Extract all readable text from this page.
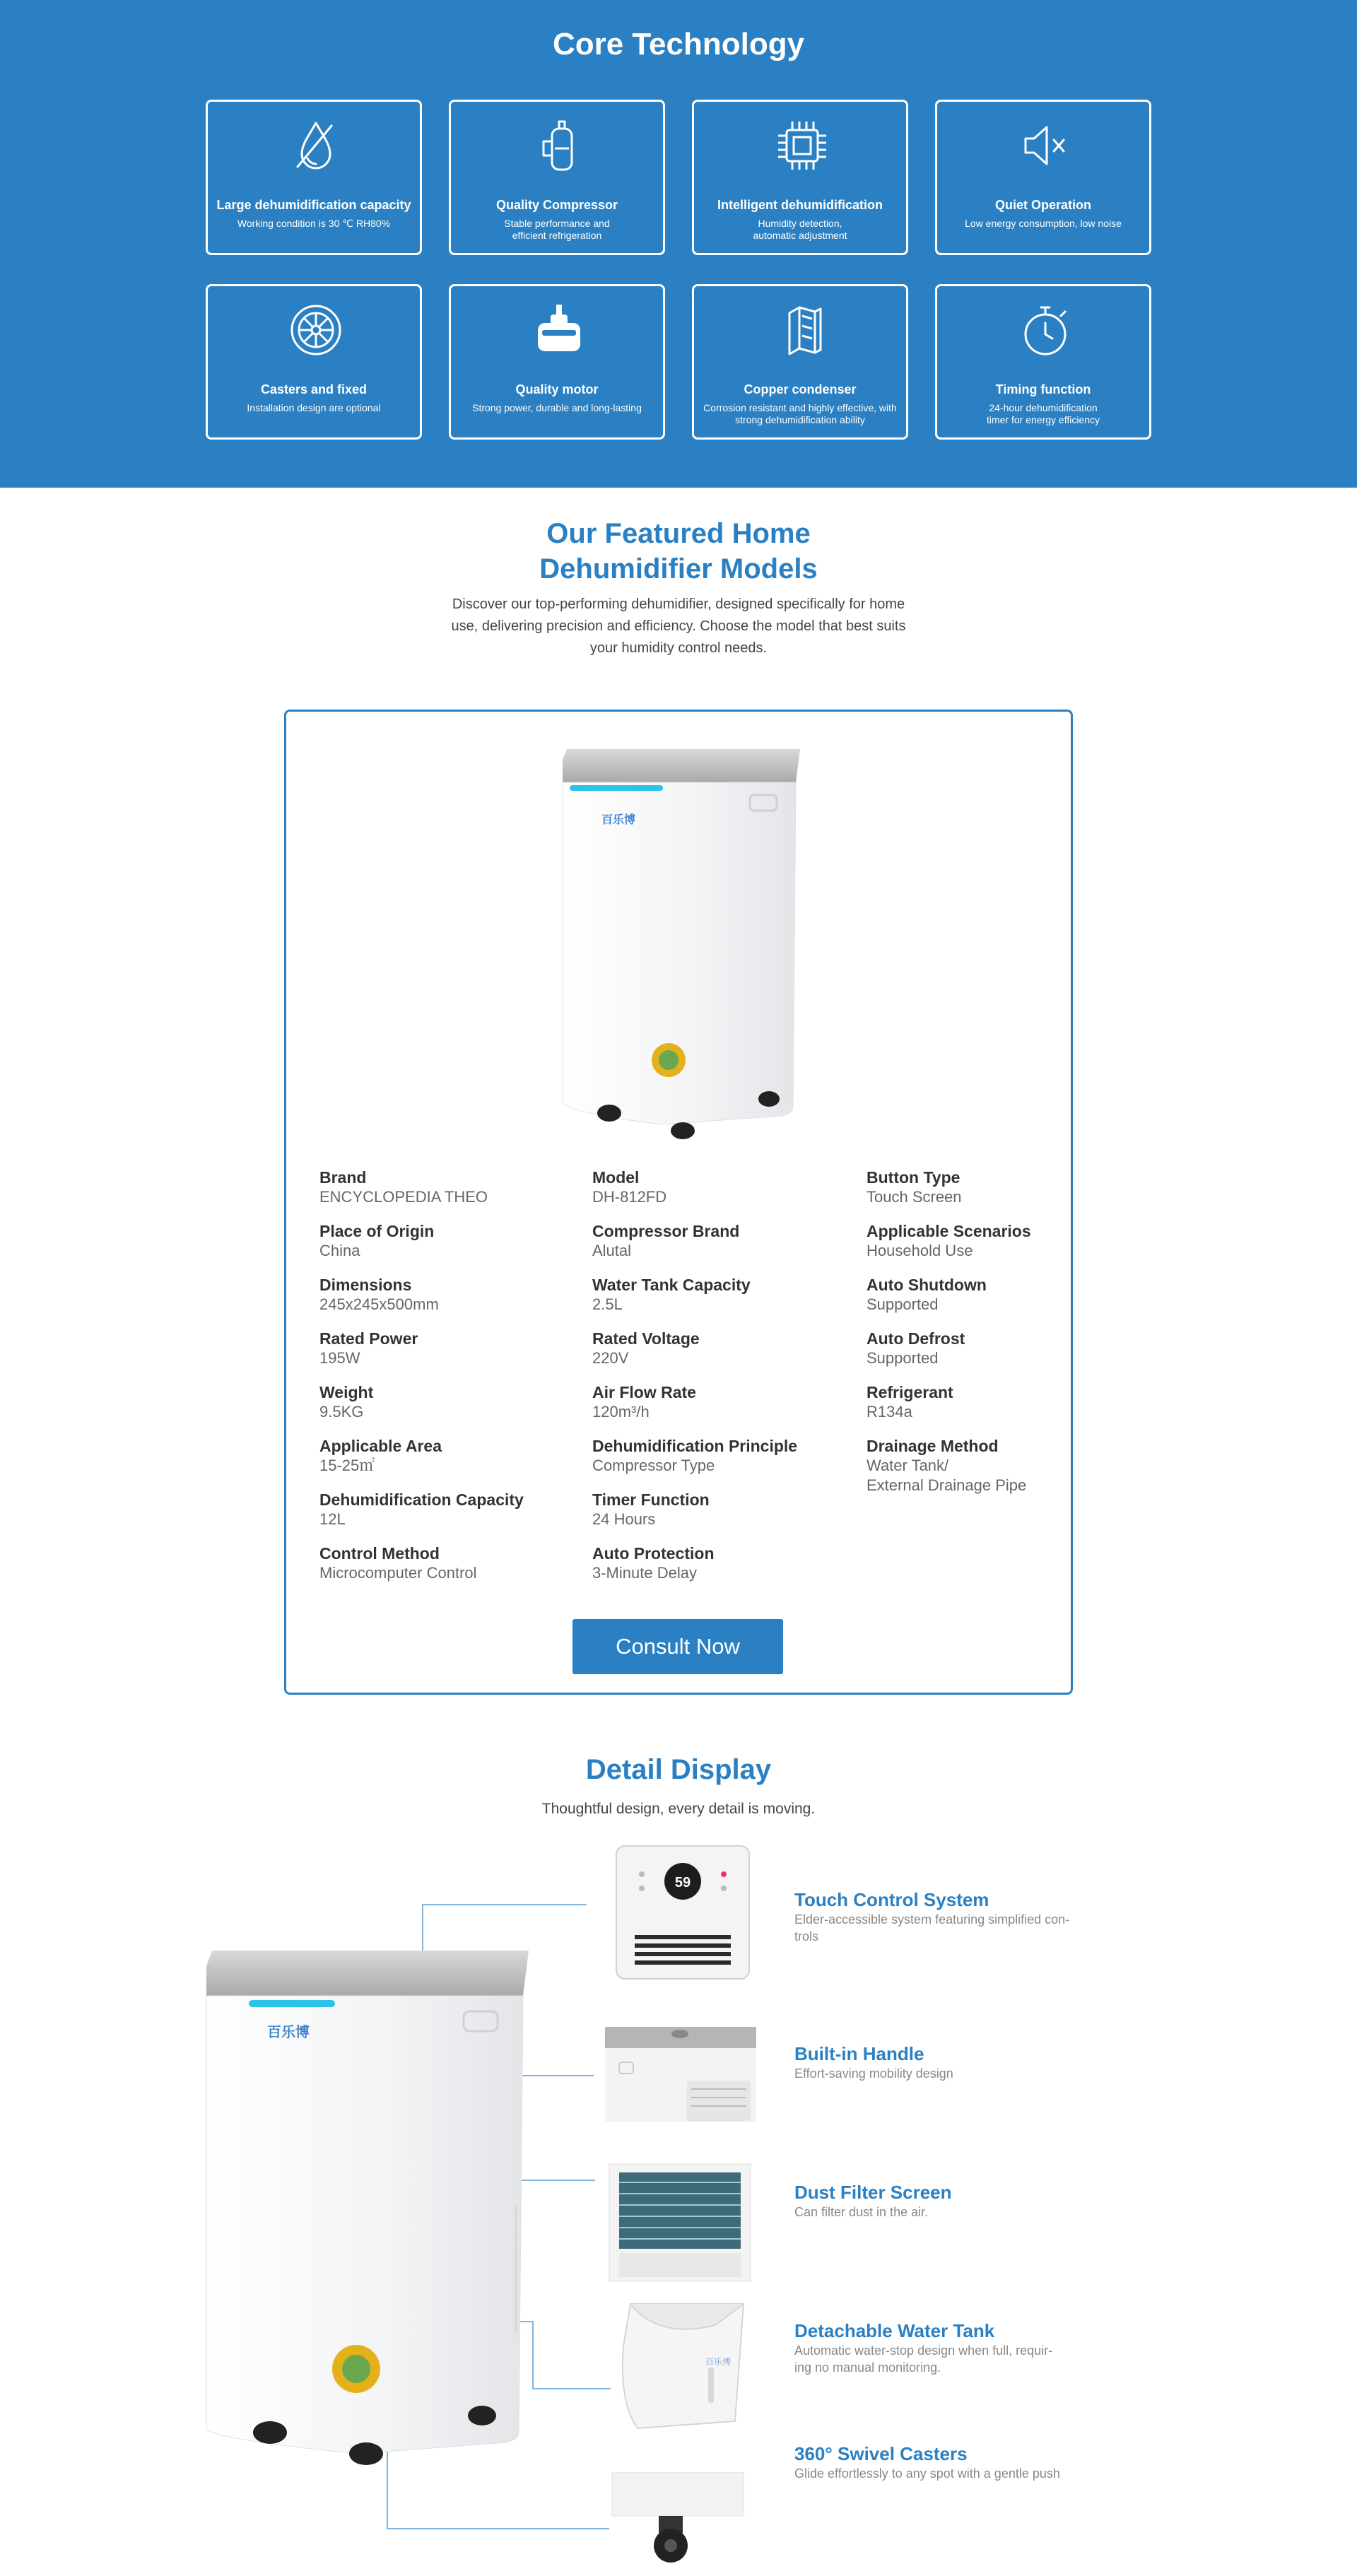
Core Technology
Large dehumidification capacity
Working condition is 30 ℃ RH80%
Quality Compressor
Stable performance and efficient refrigeration
Intelligent dehumidification
Humidity detection, automatic adjustment
Quiet Operation
Low energy consumption, low noise
Casters and fixed
Installation design are optional
Quality motor
Strong power, durable and long-lasting
Copper condenser
Corrosion resistant and highly effective, with strong dehumidification ability
Timing function
24-hour dehumidification timer for energy efficiency
Our Featured Home
Dehumidifier Models

Discover our top-performing dehumidifier, designed specifically for home use, delivering precision and efficiency. Choose the model that best suits your humidity control needs.

百乐博
Brand
ENCYCLOPEDIA THEO
Place of Origin
China
Dimensions
245x245x500mm
Rated Power
195W
Weight
9.5KG
Applicable Area
15-25㎡
Dehumidification Capacity
12L
Control Method
Microcomputer Control
Model
DH-812FD
Compressor Brand
Alutal
Water Tank Capacity
2.5L
Rated Voltage
220V
Air Flow Rate
120m³/h
Dehumidification Principle
Compressor Type
Timer Function
24 Hours
Auto Protection
3-Minute Delay
Button Type
Touch Screen
Applicable Scenarios
Household Use
Auto Shutdown
Supported
Auto Defrost
Supported
Refrigerant
R134a
Drainage Method
Water Tank/
External Drainage Pipe
Consult Now
Detail Display

Thoughtful design, every detail is moving.

百乐博
59
百乐博
Touch Control System
Elder-accessible system featuring simplified con-
trols
Built-in Handle
Effort-saving mobility design
Dust Filter Screen
Can filter dust in the air.
Detachable Water Tank
Automatic water-stop design when full, requir-
ing no manual monitoring.
360° Swivel Casters
Glide effortlessly to any spot with a gentle push
